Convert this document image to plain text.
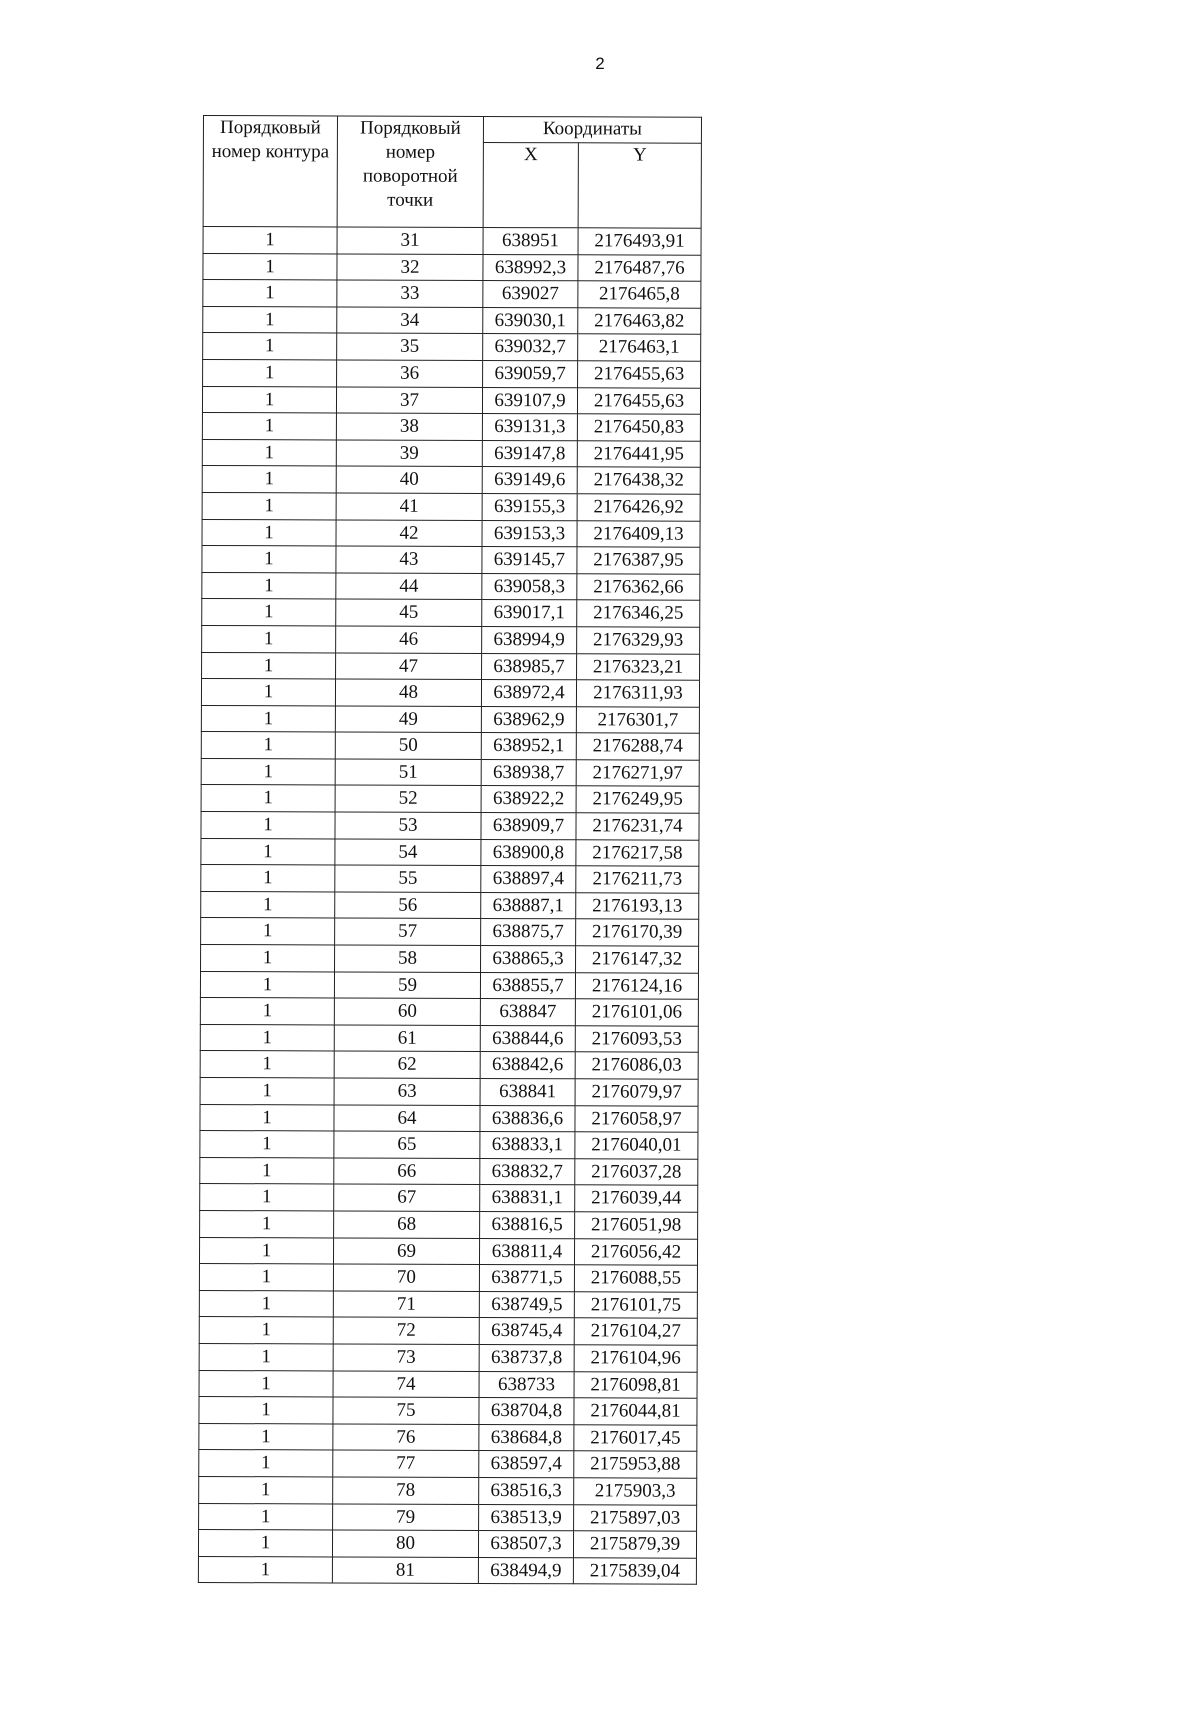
2
Порядковый номер контура	Порядковый номер поворотной точки	Координаты	
		X	Y
1	31	638951	2176493,91
1	32	638992,3	2176487,76
1	33	639027	2176465,8
1	34	639030,1	2176463,82
1	35	639032,7	2176463,1
1	36	639059,7	2176455,63
1	37	639107,9	2176455,63
1	38	639131,3	2176450,83
1	39	639147,8	2176441,95
1	40	639149,6	2176438,32
1	41	639155,3	2176426,92
1	42	639153,3	2176409,13
1	43	639145,7	2176387,95
1	44	639058,3	2176362,66
1	45	639017,1	2176346,25
1	46	638994,9	2176329,93
1	47	638985,7	2176323,21
1	48	638972,4	2176311,93
1	49	638962,9	2176301,7
1	50	638952,1	2176288,74
1	51	638938,7	2176271,97
1	52	638922,2	2176249,95
1	53	638909,7	2176231,74
1	54	638900,8	2176217,58
1	55	638897,4	2176211,73
1	56	638887,1	2176193,13
1	57	638875,7	2176170,39
1	58	638865,3	2176147,32
1	59	638855,7	2176124,16
1	60	638847	2176101,06
1	61	638844,6	2176093,53
1	62	638842,6	2176086,03
1	63	638841	2176079,97
1	64	638836,6	2176058,97
1	65	638833,1	2176040,01
1	66	638832,7	2176037,28
1	67	638831,1	2176039,44
1	68	638816,5	2176051,98
1	69	638811,4	2176056,42
1	70	638771,5	2176088,55
1	71	638749,5	2176101,75
1	72	638745,4	2176104,27
1	73	638737,8	2176104,96
1	74	638733	2176098,81
1	75	638704,8	2176044,81
1	76	638684,8	2176017,45
1	77	638597,4	2175953,88
1	78	638516,3	2175903,3
1	79	638513,9	2175897,03
1	80	638507,3	2175879,39
1	81	638494,9	2175839,04
